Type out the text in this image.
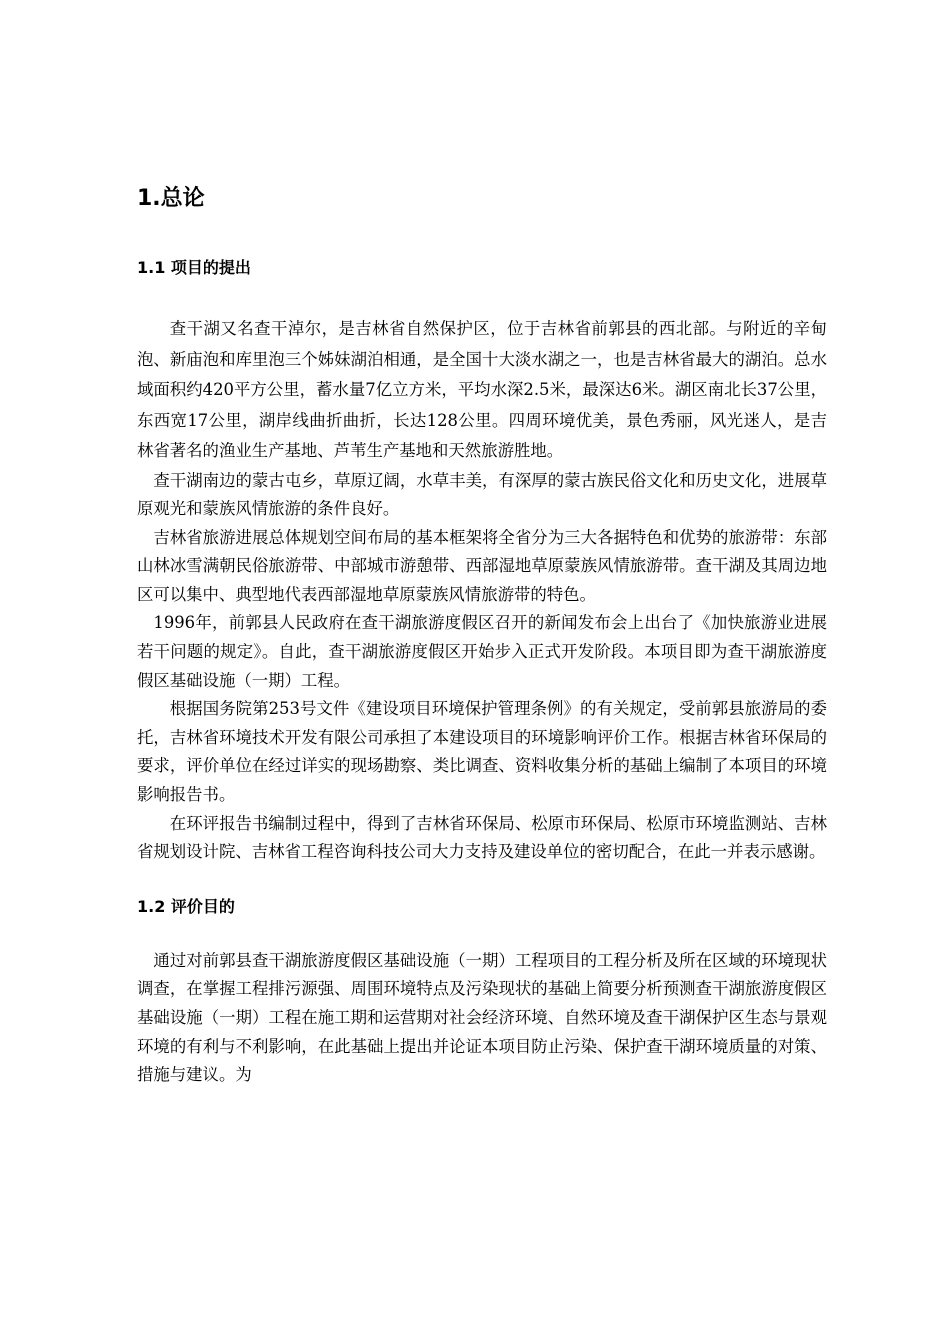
1.总论
1.1 项目的提出

查干湖又名查干淖尔，是吉林省自然保护区，位于吉林省前郭县的西北部。与附近的辛甸泡、新庙泡和库里泡三个姊妹湖泊相通，是全国十大淡水湖之一，也是吉林省最大的湖泊。总水域面积约420平方公里，蓄水量7亿立方米，平均水深2.5米，最深达6米。湖区南北长37公里，东西宽17公里，湖岸线曲折曲折，长达128公里。四周环境优美，景色秀丽，风光迷人，是吉林省著名的渔业生产基地、芦苇生产基地和天然旅游胜地。

查干湖南边的蒙古屯乡，草原辽阔，水草丰美，有深厚的蒙古族民俗文化和历史文化，进展草原观光和蒙族风情旅游的条件良好。

吉林省旅游进展总体规划空间布局的基本框架将全省分为三大各据特色和优势的旅游带：东部山林冰雪满朝民俗旅游带、中部城市游憩带、西部湿地草原蒙族风情旅游带。查干湖及其周边地区可以集中、典型地代表西部湿地草原蒙族风情旅游带的特色。

1996年，前郭县人民政府在查干湖旅游度假区召开的新闻发布会上出台了《加快旅游业进展若干问题的规定》。自此，查干湖旅游度假区开始步入正式开发阶段。本项目即为查干湖旅游度假区基础设施（一期）工程。

根据国务院第253号文件《建设项目环境保护管理条例》的有关规定，受前郭县旅游局的委托，吉林省环境技术开发有限公司承担了本建设项目的环境影响评价工作。根据吉林省环保局的要求，评价单位在经过详实的现场勘察、类比调查、资料收集分析的基础上编制了本项目的环境影响报告书。

在环评报告书编制过程中，得到了吉林省环保局、松原市环保局、松原市环境监测站、吉林省规划设计院、吉林省工程咨询科技公司大力支持及建设单位的密切配合，在此一并表示感谢。

1.2 评价目的

通过对前郭县查干湖旅游度假区基础设施（一期）工程项目的工程分析及所在区域的环境现状调查，在掌握工程排污源强、周围环境特点及污染现状的基础上简要分析预测查干湖旅游度假区基础设施（一期）工程在施工期和运营期对社会经济环境、自然环境及查干湖保护区生态与景观环境的有利与不利影响，在此基础上提出并论证本项目防止污染、保护查干湖环境质量的对策、措施与建议。为
